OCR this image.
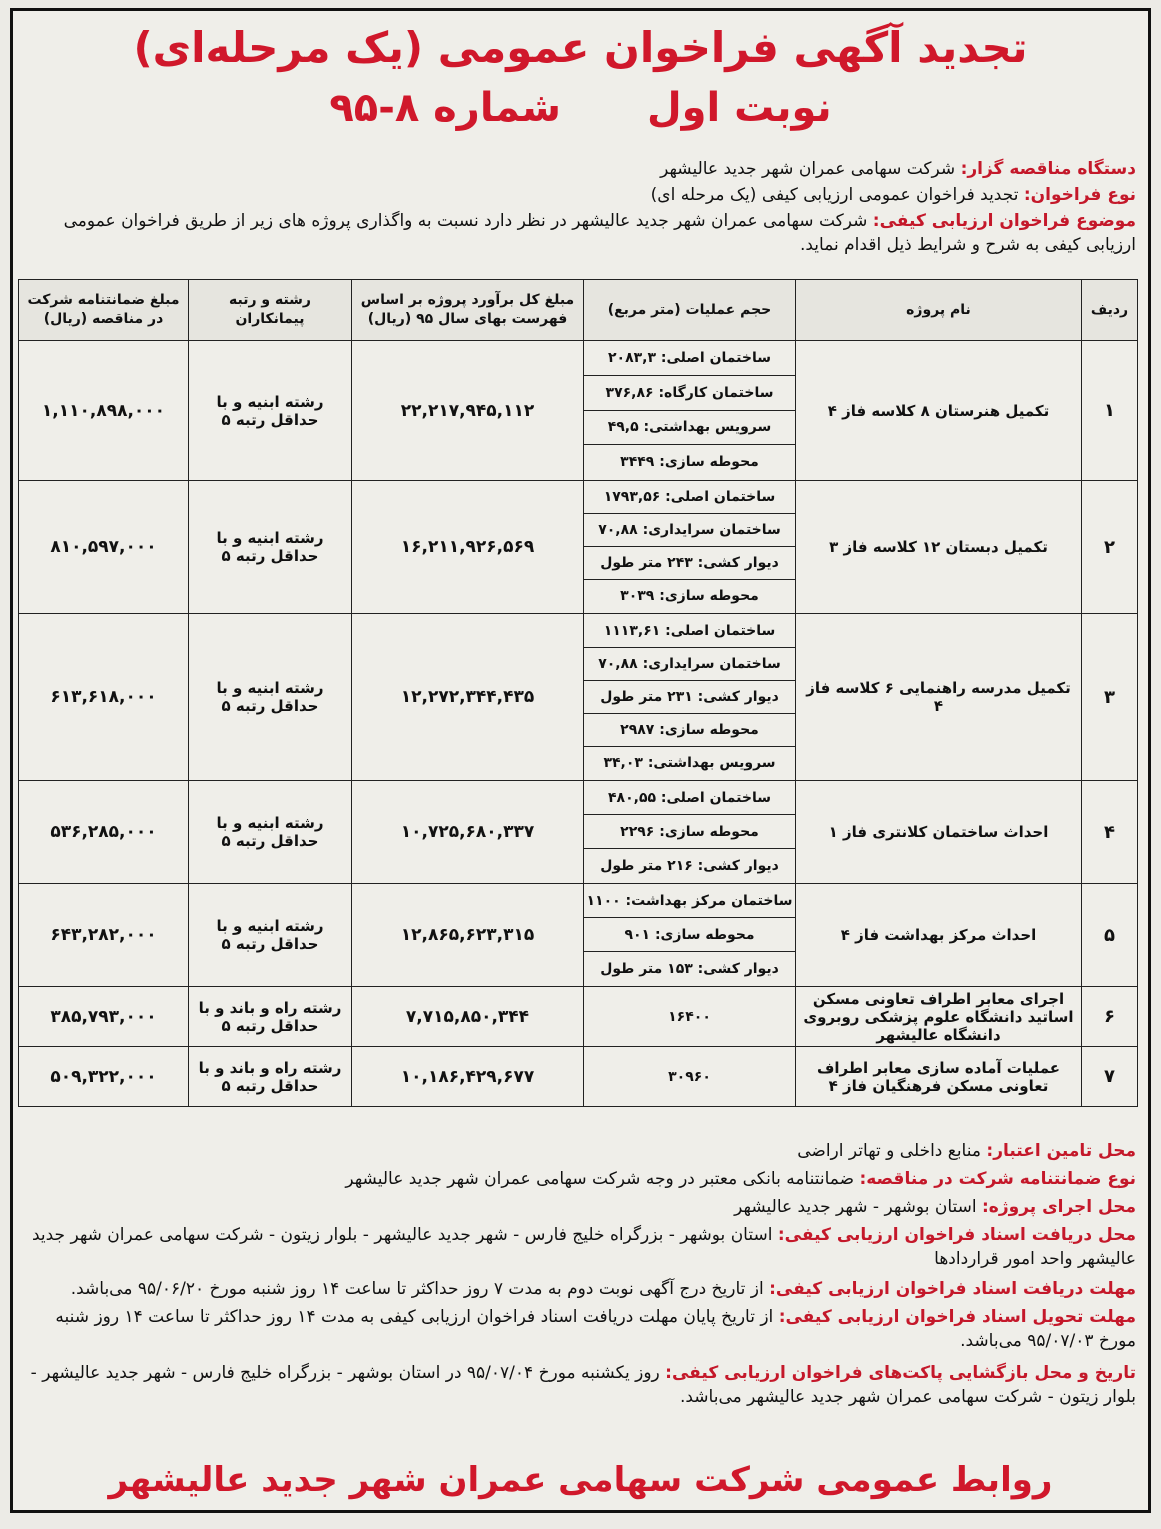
تجدید آگهی فراخوان عمومی (یک مرحله‌ای)
نوبت اول شماره ۸-۹۵
دستگاه مناقصه گزار: شرکت سهامی عمران شهر جدید عالیشهر
نوع فراخوان: تجدید فراخوان عمومی ارزیابی کیفی (یک مرحله ای)
موضوع فراخوان ارزیابی کیفی: شرکت سهامی عمران شهر جدید عالیشهر در نظر دارد نسبت به واگذاری پروژه های زیر از طریق فراخوان عمومی ارزیابی کیفی به شرح و شرایط ذیل اقدام نماید.
ردیف	نام پروژه	حجم عملیات (متر مربع)	مبلغ کل برآورد پروژه بر اساس فهرست بهای سال ۹۵ (ریال)	رشته و رتبه پیمانکاران	مبلغ ضمانتنامه شرکت در مناقصه (ریال)
۱	تکمیل هنرستان ۸ کلاسه فاز ۴	ساختمان اصلی: ۲۰۸۳,۳
ساختمان کارگاه: ۳۷۶,۸۶
سرویس بهداشتی: ۴۹,۵
محوطه سازی: ۳۴۴۹	۲۲,۲۱۷,۹۴۵,۱۱۲	رشته ابنیه و با حداقل رتبه ۵	۱,۱۱۰,۸۹۸,۰۰۰
۲	تکمیل دبستان ۱۲ کلاسه فاز ۳	ساختمان اصلی: ۱۷۹۳,۵۶
ساختمان سرایداری: ۷۰,۸۸
دیوار کشی: ۲۴۳ متر طول
محوطه سازی: ۳۰۳۹	۱۶,۲۱۱,۹۲۶,۵۶۹	رشته ابنیه و با حداقل رتبه ۵	۸۱۰,۵۹۷,۰۰۰
۳	تکمیل مدرسه راهنمایی ۶ کلاسه فاز ۴	ساختمان اصلی: ۱۱۱۳,۶۱
ساختمان سرایداری: ۷۰,۸۸
دیوار کشی: ۲۳۱ متر طول
محوطه سازی: ۲۹۸۷
سرویس بهداشتی: ۳۴,۰۳	۱۲,۲۷۲,۳۴۴,۴۳۵	رشته ابنیه و با حداقل رتبه ۵	۶۱۳,۶۱۸,۰۰۰
۴	احداث ساختمان کلانتری فاز ۱	ساختمان اصلی: ۴۸۰,۵۵
محوطه سازی: ۲۲۹۶
دیوار کشی: ۲۱۶ متر طول	۱۰,۷۲۵,۶۸۰,۳۳۷	رشته ابنیه و با حداقل رتبه ۵	۵۳۶,۲۸۵,۰۰۰
۵	احداث مرکز بهداشت فاز ۴	ساختمان مرکز بهداشت: ۱۱۰۰
محوطه سازی: ۹۰۱
دیوار کشی: ۱۵۳ متر طول	۱۲,۸۶۵,۶۲۳,۳۱۵	رشته ابنیه و با حداقل رتبه ۵	۶۴۳,۲۸۲,۰۰۰
۶	اجرای معابر اطراف تعاونی مسکن اساتید دانشگاه علوم پزشکی روبروی دانشگاه عالیشهر	۱۶۴۰۰	۷,۷۱۵,۸۵۰,۳۴۴	رشته راه و باند و با حداقل رتبه ۵	۳۸۵,۷۹۳,۰۰۰
۷	عملیات آماده سازی معابر اطراف تعاونی مسکن فرهنگیان فاز ۴	۳۰۹۶۰	۱۰,۱۸۶,۴۲۹,۶۷۷	رشته راه و باند و با حداقل رتبه ۵	۵۰۹,۳۲۲,۰۰۰
محل تامین اعتبار: منابع داخلی و تهاتر اراضی
نوع ضمانتنامه شرکت در مناقصه: ضمانتنامه بانکی معتبر در وجه شرکت سهامی عمران شهر جدید عالیشهر
محل اجرای پروژه: استان بوشهر - شهر جدید عالیشهر
محل دریافت اسناد فراخوان ارزیابی کیفی: استان بوشهر - بزرگراه خلیج فارس - شهر جدید عالیشهر - بلوار زیتون - شرکت سهامی عمران شهر جدید عالیشهر واحد امور قراردادها
مهلت دریافت اسناد فراخوان ارزیابی کیفی: از تاریخ درج آگهی نوبت دوم به مدت ۷ روز حداکثر تا ساعت ۱۴ روز شنبه مورخ ۹۵/۰۶/۲۰ می‌باشد.
مهلت تحویل اسناد فراخوان ارزیابی کیفی: از تاریخ پایان مهلت دریافت اسناد فراخوان ارزیابی کیفی به مدت ۱۴ روز حداکثر تا ساعت ۱۴ روز شنبه مورخ ۹۵/۰۷/۰۳ می‌باشد.
تاریخ و محل بازگشایی پاکت‌های فراخوان ارزیابی کیفی: روز یکشنبه مورخ ۹۵/۰۷/۰۴ در استان بوشهر - بزرگراه خلیج فارس - شهر جدید عالیشهر - بلوار زیتون - شرکت سهامی عمران شهر جدید عالیشهر می‌باشد.
روابط عمومی شرکت سهامی عمران شهر جدید عالیشهر
